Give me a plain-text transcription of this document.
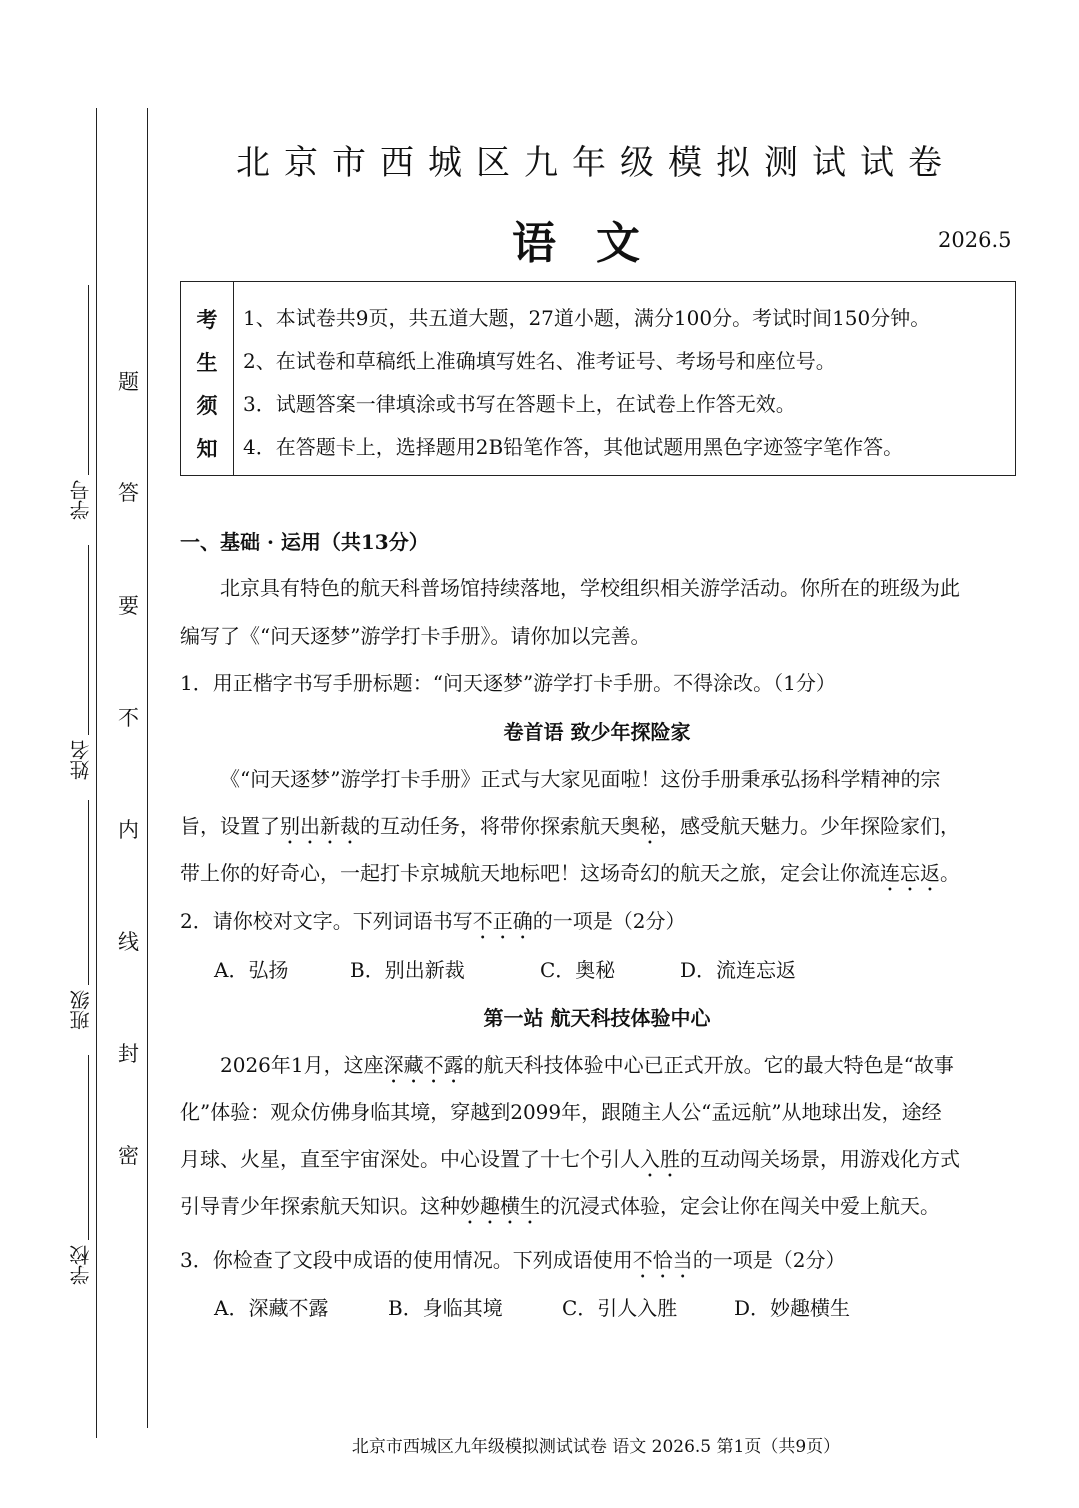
题
答
要
不
内
线
封
密
学号
姓名
班级
学校
北京市西城区九年级模拟测试试卷
语文	2026.5
考
生
须
知
1、本试卷共9页，共五道大题，27道小题，满分100分。考试时间150分钟。
2、在试卷和草稿纸上准确填写姓名、准考证号、考场号和座位号。
3．试题答案一律填涂或书写在答题卡上，在试卷上作答无效。
4．在答题卡上，选择题用2B铅笔作答，其他试题用黑色字迹签字笔作答。
一、基础 · 运用（共13分）
北京具有特色的航天科普场馆持续落地，学校组织相关游学活动。你所在的班级为此
编写了《“问天逐梦”游学打卡手册》。请你加以完善。
1．用正楷字书写手册标题：“问天逐梦”游学打卡手册。不得涂改。（1分）
卷首语 致少年探险家
《“问天逐梦”游学打卡手册》正式与大家见面啦！这份手册秉承弘扬科学精神的宗
旨，设置了别出新裁的互动任务，将带你探索航天奥秘，感受航天魅力。少年探险家们，
带上你的好奇心，一起打卡京城航天地标吧！这场奇幻的航天之旅，定会让你流连忘返。
2．请你校对文字。下列词语书写不正确的一项是（2分）
A．弘扬	B．别出新裁	C．奥秘	D．流连忘返
第一站 航天科技体验中心
2026年1月，这座深藏不露的航天科技体验中心已正式开放。它的最大特色是“故事
化”体验：观众仿佛身临其境，穿越到2099年，跟随主人公“孟远航”从地球出发，途经
月球、火星，直至宇宙深处。中心设置了十七个引人入胜的互动闯关场景，用游戏化方式
引导青少年探索航天知识。这种妙趣横生的沉浸式体验，定会让你在闯关中爱上航天。
3．你检查了文段中成语的使用情况。下列成语使用不恰当的一项是（2分）
A．深藏不露	B．身临其境	C．引人入胜	D．妙趣横生
北京市西城区九年级模拟测试试卷 语文 2026.5 第1页（共9页）
